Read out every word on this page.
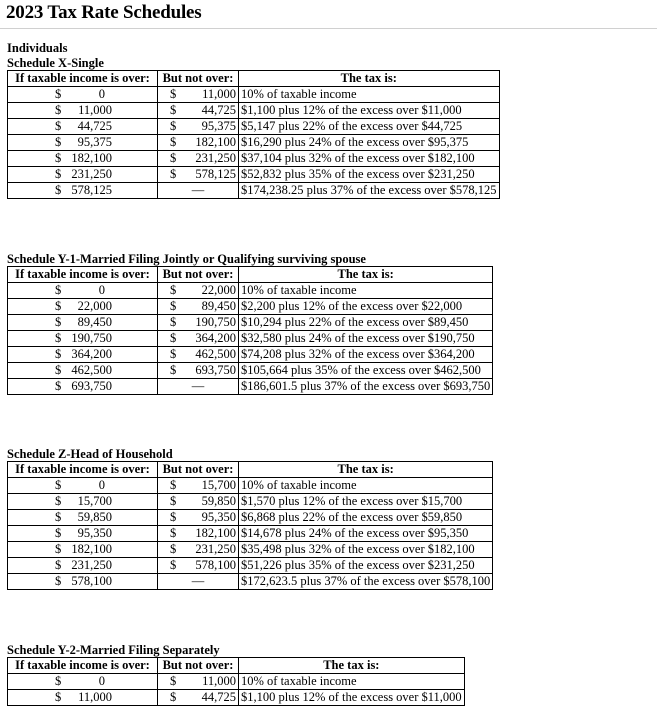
2023 Tax Rate Schedules
Individuals
Schedule X-Single
If taxable income is over:	But not over:	The tax is:

$ 0	$ 11,000	10% of taxable income

$ 11,000	$ 44,725	$1,100 plus 12% of the excess over $11,000

$ 44,725	$ 95,375	$5,147 plus 22% of the excess over $44,725

$ 95,375	$ 182,100	$16,290 plus 24% of the excess over $95,375

$ 182,100	$ 231,250	$37,104 plus 32% of the excess over $182,100

$ 231,250	$ 578,125	$52,832 plus 35% of the excess over $231,250

$ 578,125	—	$174,238.25 plus 37% of the excess over $578,125
Schedule Y-1-Married Filing Jointly or Qualifying surviving spouse
If taxable income is over:	But not over:	The tax is:

$ 0	$ 22,000	10% of taxable income

$ 22,000	$ 89,450	$2,200 plus 12% of the excess over $22,000

$ 89,450	$ 190,750	$10,294 plus 22% of the excess over $89,450

$ 190,750	$ 364,200	$32,580 plus 24% of the excess over $190,750

$ 364,200	$ 462,500	$74,208 plus 32% of the excess over $364,200

$ 462,500	$ 693,750	$105,664 plus 35% of the excess over $462,500

$ 693,750	—	$186,601.5 plus 37% of the excess over $693,750
Schedule Z-Head of Household
If taxable income is over:	But not over:	The tax is:

$ 0	$ 15,700	10% of taxable income

$ 15,700	$ 59,850	$1,570 plus 12% of the excess over $15,700

$ 59,850	$ 95,350	$6,868 plus 22% of the excess over $59,850

$ 95,350	$ 182,100	$14,678 plus 24% of the excess over $95,350

$ 182,100	$ 231,250	$35,498 plus 32% of the excess over $182,100

$ 231,250	$ 578,100	$51,226 plus 35% of the excess over $231,250

$ 578,100	—	$172,623.5 plus 37% of the excess over $578,100
Schedule Y-2-Married Filing Separately
If taxable income is over:	But not over:	The tax is:

$ 0	$ 11,000	10% of taxable income

$ 11,000	$ 44,725	$1,100 plus 12% of the excess over $11,000
